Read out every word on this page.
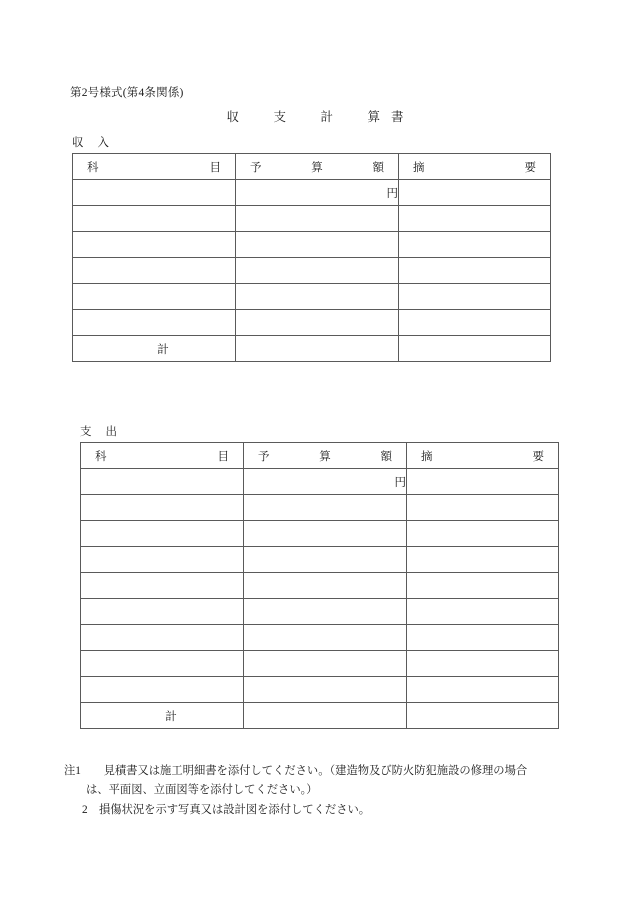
第2号様式(第4条関係)
収　支　計　算書
収入
科 目	予 算 額	摘 要

	円	

計		
支出
科 目	予 算 額	摘 要

	円	

計		
注1　　 見積書又は施工明細書を添付してください。（建造物及び防火防犯施設の修理の場合
は、平面図、立面図等を添付してください。）
2　 損傷状況を示す写真又は設計図を添付してください。
